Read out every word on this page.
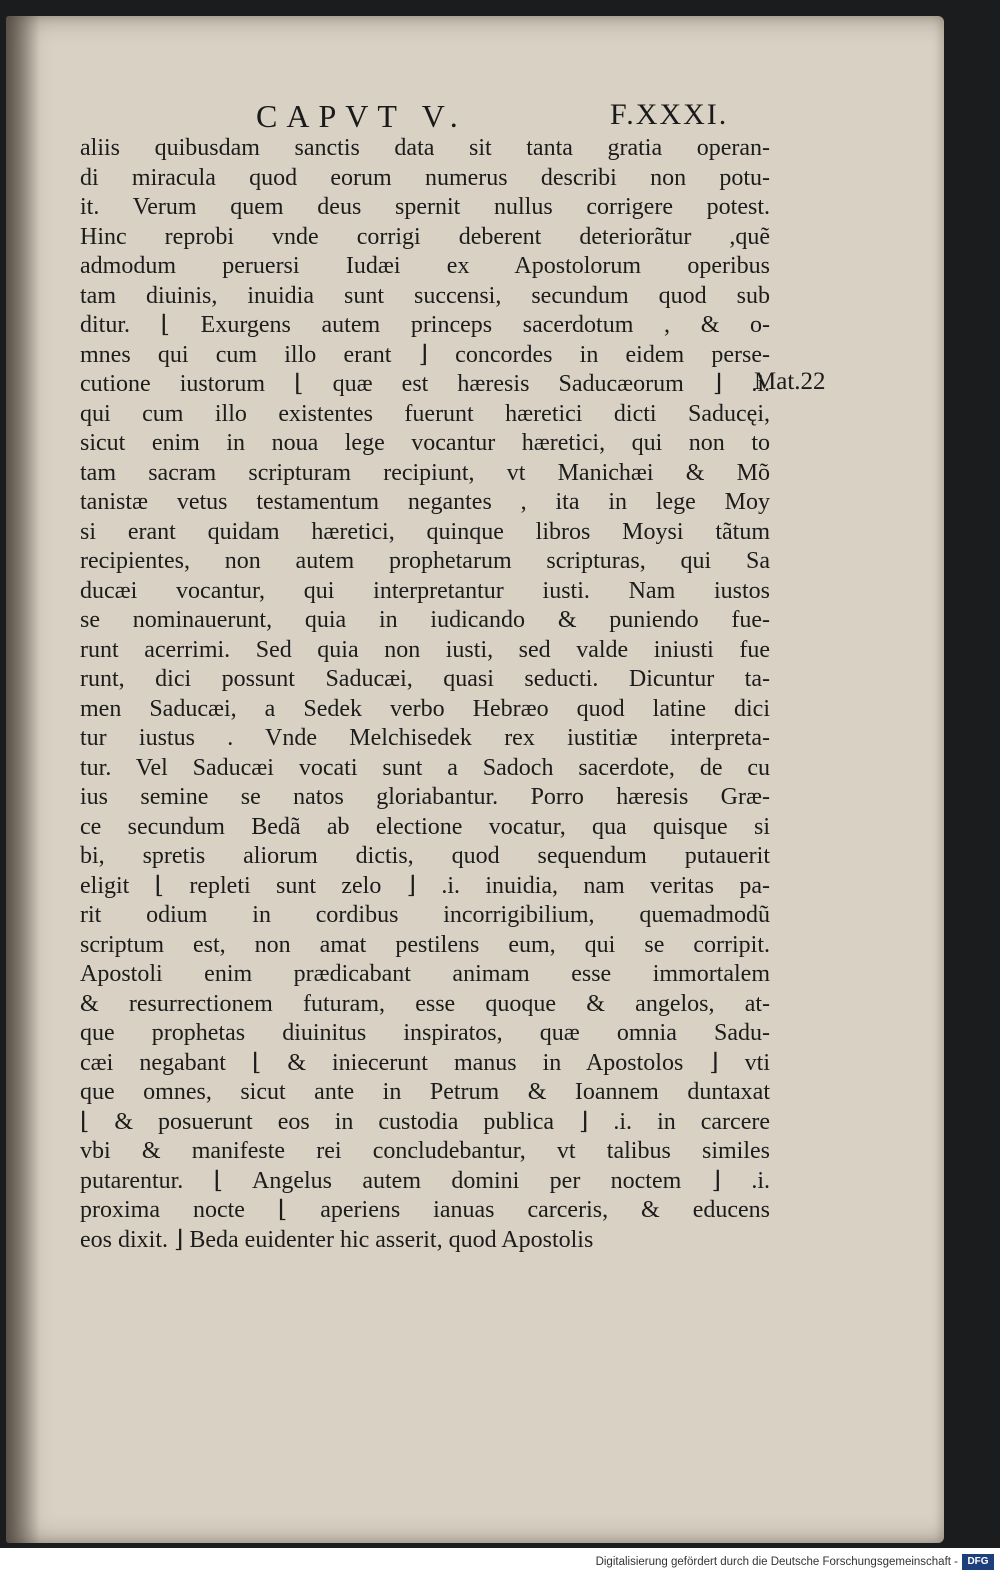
CAPVT V.	F.XXXI.
aliis quibusdam sanctis data sit tanta gratia operan-
di miracula quod eorum numerus describi non potu-
it. Verum quem deus spernit nullus corrigere potest.
Hinc reprobi vnde corrigi deberent deteriorãtur ,quẽ
admodum peruersi Iudæi ex Apostolorum operibus
tam diuinis, inuidia sunt succensi, secundum quod sub
ditur. ⌊ Exurgens autem princeps sacerdotum , & o-
mnes qui cum illo erant ⌋ concordes in eidem perse-
cutione iustorum ⌊ quæ est hæresis Saducæorum ⌋ .i.
qui cum illo existentes fuerunt hæretici dicti Saducęi,
sicut enim in noua lege vocantur hæretici, qui non to
tam sacram scripturam recipiunt, vt Manichæi & Mõ
tanistæ vetus testamentum negantes , ita in lege Moy
si erant quidam hæretici, quinque libros Moysi tãtum
recipientes, non autem prophetarum scripturas, qui Sa
ducæi vocantur, qui interpretantur iusti. Nam iustos
se nominauerunt, quia in iudicando & puniendo fue-
runt acerrimi. Sed quia non iusti, sed valde iniusti fue
runt, dici possunt Saducæi, quasi seducti. Dicuntur ta-
men Saducæi, a Sedek verbo Hebræo quod latine dici
tur iustus . Vnde Melchisedek rex iustitiæ interpreta-
tur. Vel Saducæi vocati sunt a Sadoch sacerdote, de cu
ius semine se natos gloriabantur. Porro hæresis Græ-
ce secundum Bedã ab electione vocatur, qua quisque si
bi, spretis aliorum dictis, quod sequendum putauerit
eligit ⌊ repleti sunt zelo ⌋ .i. inuidia, nam veritas pa-
rit odium in cordibus incorrigibilium, quemadmodũ
scriptum est, non amat pestilens eum, qui se corripit.
Apostoli enim prædicabant animam esse immortalem
& resurrectionem futuram, esse quoque & angelos, at-
que prophetas diuinitus inspiratos, quæ omnia Sadu-
cæi negabant ⌊ & iniecerunt manus in Apostolos ⌋ vti
que omnes, sicut ante in Petrum & Ioannem duntaxat
⌊ & posuerunt eos in custodia publica ⌋ .i. in carcere
vbi & manifeste rei concludebantur, vt talibus similes
putarentur. ⌊ Angelus autem domini per noctem ⌋ .i.
proxima nocte ⌊ aperiens ianuas carceris, & educens
eos dixit. ⌋ Beda euidenter hic asserit, quod Apostolis
Mat.22
Digitalisierung gefördert durch die Deutsche Forschungsgemeinschaft - DFG
